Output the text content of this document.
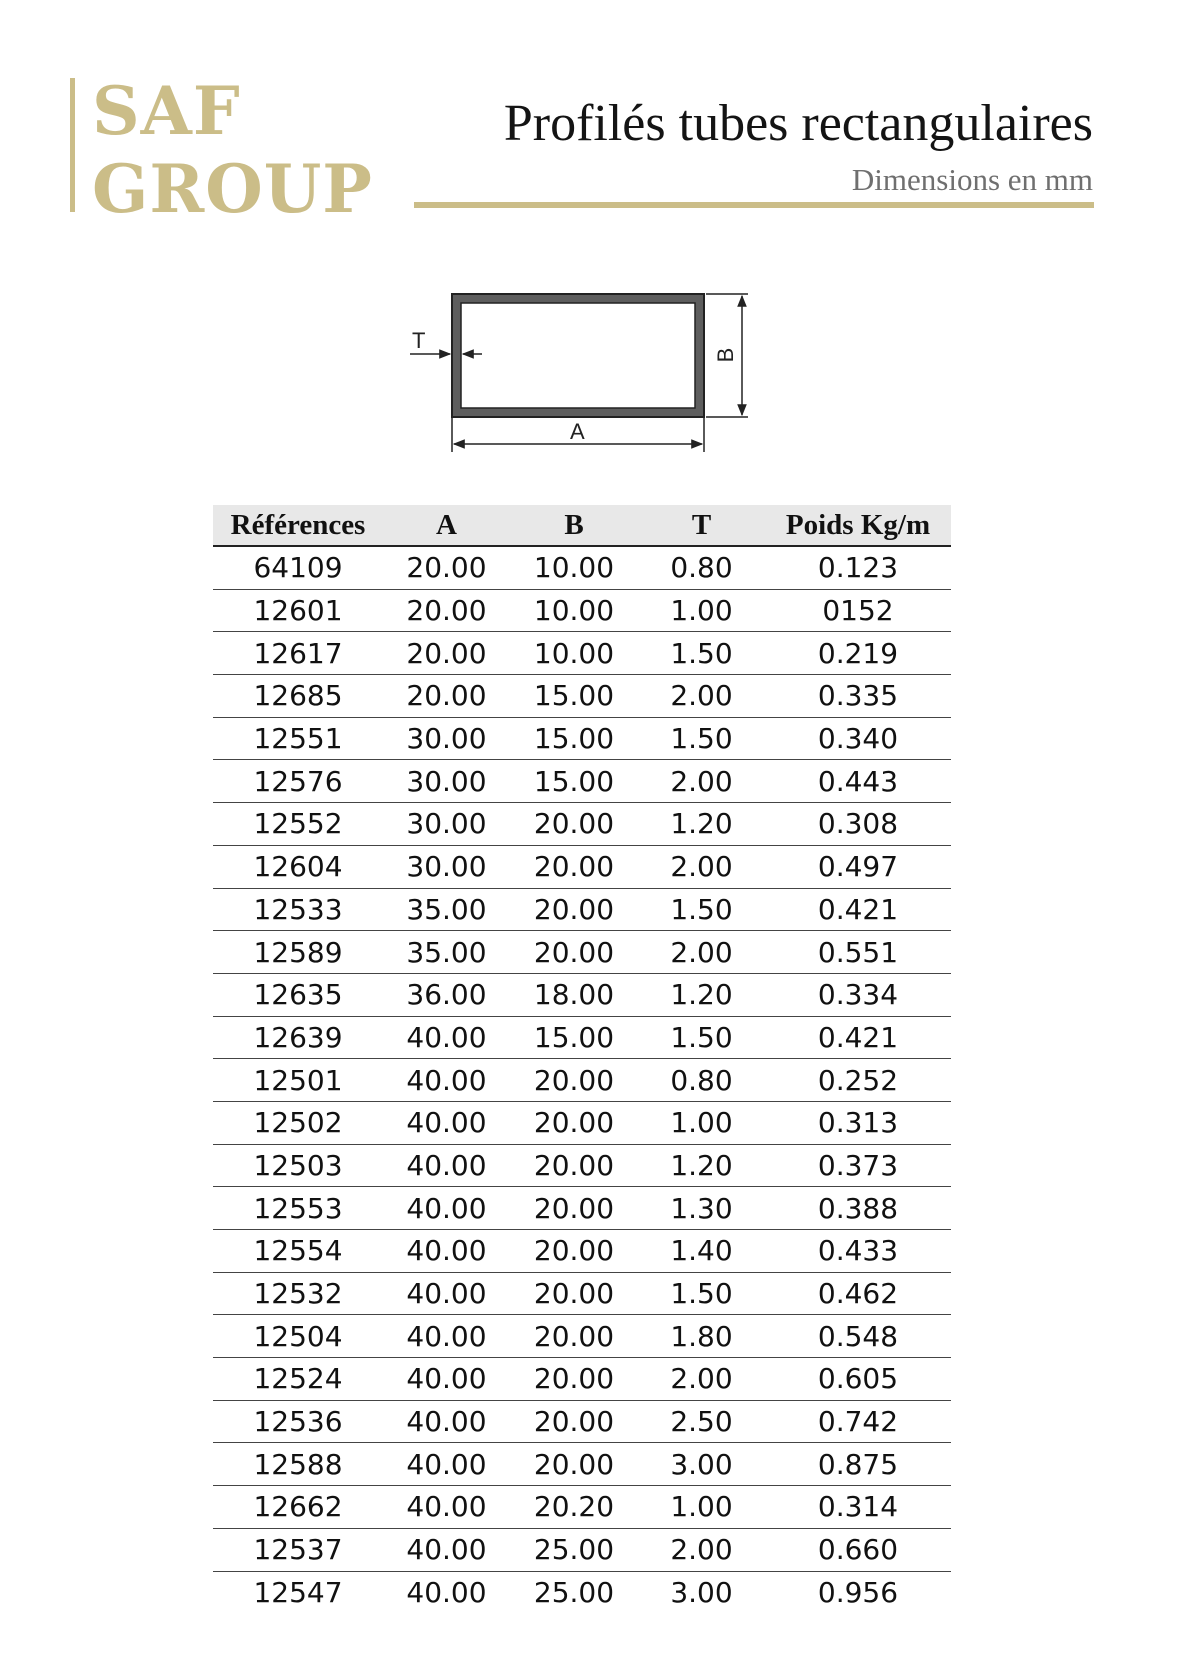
SAF
GROUP
Profilés tubes rectangulaires
Dimensions en mm
T
A
B
Références	A	B	T	Poids Kg/m
64109	20.00	10.00	0.80	0.123
12601	20.00	10.00	1.00	0152
12617	20.00	10.00	1.50	0.219
12685	20.00	15.00	2.00	0.335
12551	30.00	15.00	1.50	0.340
12576	30.00	15.00	2.00	0.443
12552	30.00	20.00	1.20	0.308
12604	30.00	20.00	2.00	0.497
12533	35.00	20.00	1.50	0.421
12589	35.00	20.00	2.00	0.551
12635	36.00	18.00	1.20	0.334
12639	40.00	15.00	1.50	0.421
12501	40.00	20.00	0.80	0.252
12502	40.00	20.00	1.00	0.313
12503	40.00	20.00	1.20	0.373
12553	40.00	20.00	1.30	0.388
12554	40.00	20.00	1.40	0.433
12532	40.00	20.00	1.50	0.462
12504	40.00	20.00	1.80	0.548
12524	40.00	20.00	2.00	0.605
12536	40.00	20.00	2.50	0.742
12588	40.00	20.00	3.00	0.875
12662	40.00	20.20	1.00	0.314
12537	40.00	25.00	2.00	0.660
12547	40.00	25.00	3.00	0.956
